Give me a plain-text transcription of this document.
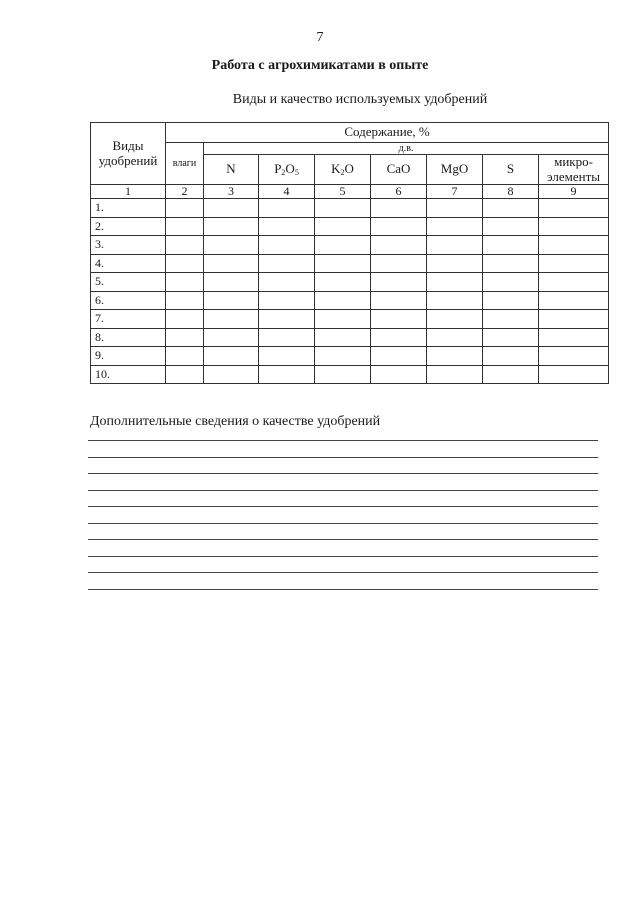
7
Работа с агрохимикатами в опыте
Виды и качество используемых удобрений
Виды удобрений	Содержание, %							
	влаги	д.в.						
		N	$P_2O_5$	$K_2O$	CaO	MgO	S	микро-элементы
1	2	3	4	5	6	7	8	9
1.								
2.								
3.								
4.								
5.								
6.								
7.								
8.								
9.								
10.								
Дополнительные сведения о качестве удобрений
